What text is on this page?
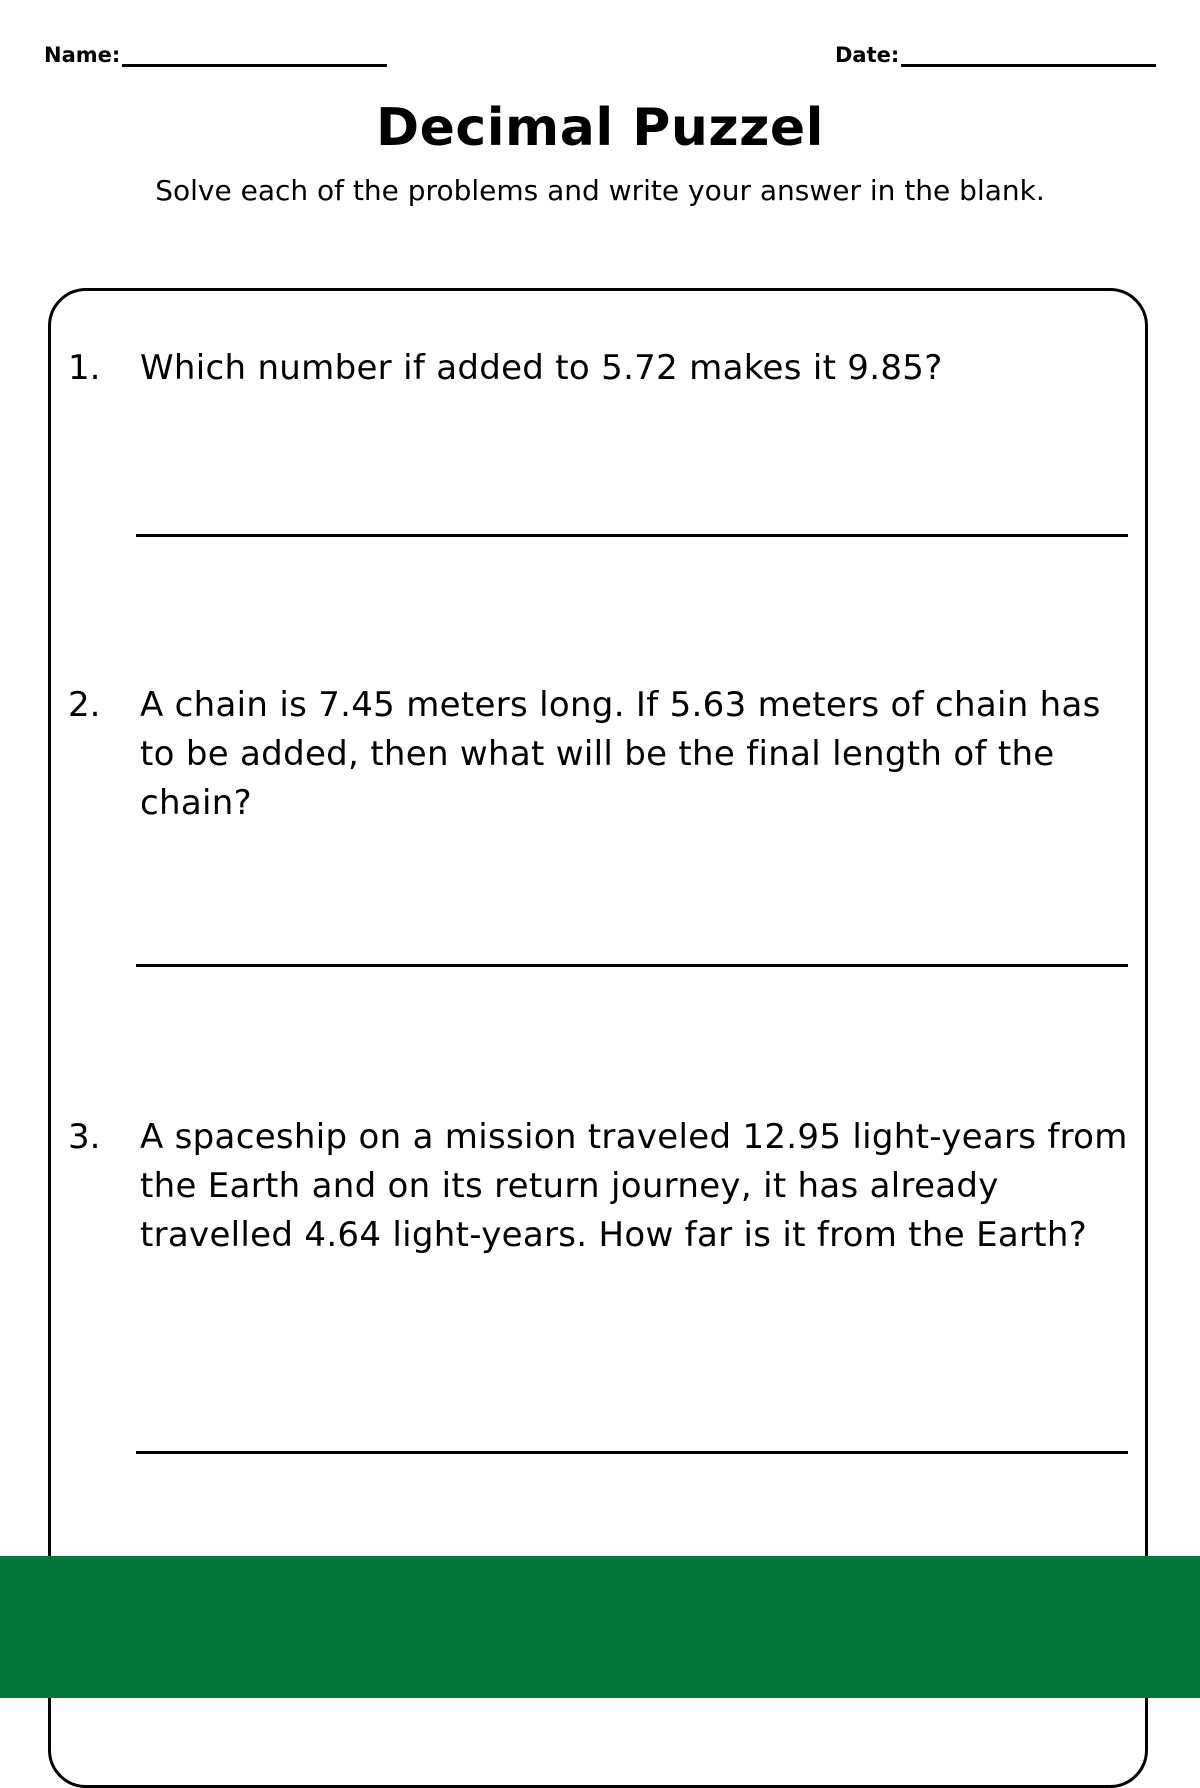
Name:	Date:
Decimal Puzzel
Solve each of the problems and write your answer in the blank.
1.	Which number if added to 5.72 makes it 9.85?
2.	A chain is 7.45 meters long. If 5.63 meters of chain has to be added, then what will be the final length of the chain?
3.	A spaceship on a mission traveled 12.95 light-years from the Earth and on its return journey, it has already travelled 4.64 light-years. How far is it from the Earth?
